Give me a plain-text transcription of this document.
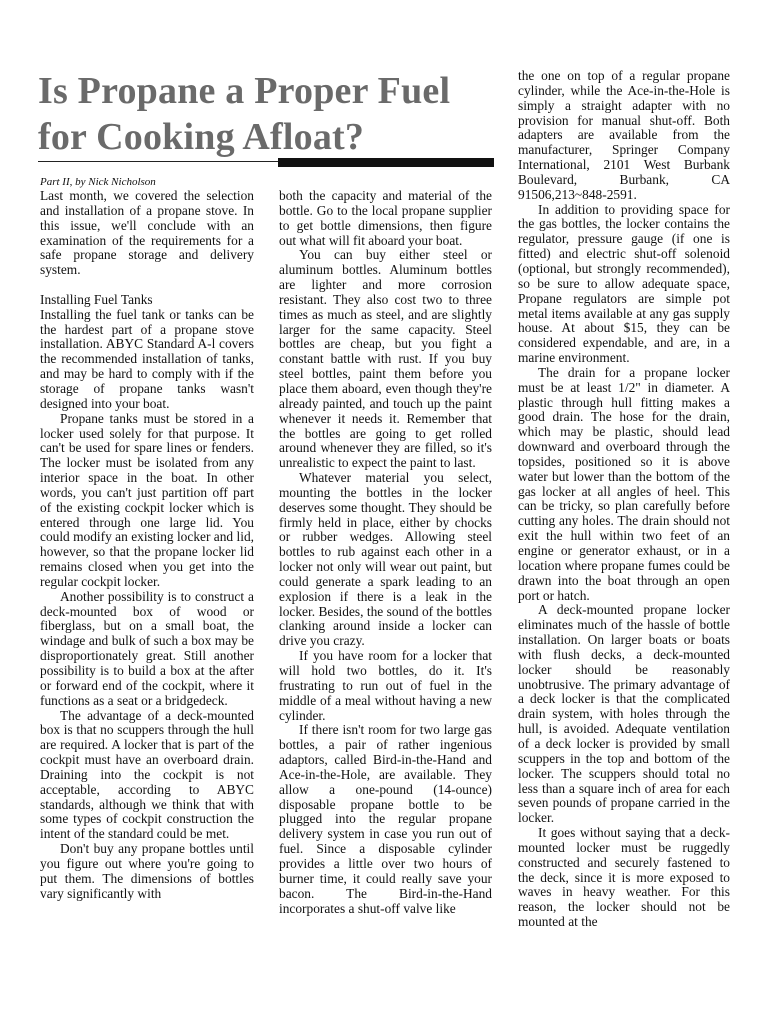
Is Propane a Proper Fuel
for Cooking Afloat?
Part II, by Nick Nicholson

Last month, we covered the selection and installation of a propane stove. In this issue, we'll conclude with an examination of the requirements for a safe propane storage and delivery system.

Installing Fuel Tanks

Installing the fuel tank or tanks can be the hardest part of a propane stove installation. ABYC Standard A-l covers the recommended installation of tanks, and may be hard to comply with if the storage of propane tanks wasn't designed into your boat.

Propane tanks must be stored in a locker used solely for that purpose. It can't be used for spare lines or fenders. The locker must be isolated from any interior space in the boat. In other words, you can't just partition off part of the existing cockpit locker which is entered through one large lid. You could modify an existing locker and lid, however, so that the propane locker lid remains closed when you get into the regular cockpit locker.

Another possibility is to construct a deck-mounted box of wood or fiberglass, but on a small boat, the windage and bulk of such a box may be disproportionately great. Still another possibility is to build a box at the after or forward end of the cockpit, where it functions as a seat or a bridgedeck.

The advantage of a deck-mounted box is that no scuppers through the hull are required. A locker that is part of the cockpit must have an overboard drain. Draining into the cockpit is not acceptable, according to ABYC standards, although we think that with some types of cockpit construction the intent of the standard could be met.

Don't buy any propane bottles until you figure out where you're going to put them. The dimensions of bottles vary significantly with

both the capacity and material of the bottle. Go to the local propane supplier to get bottle dimensions, then figure out what will fit aboard your boat.

You can buy either steel or aluminum bottles. Aluminum bottles are lighter and more corrosion resistant. They also cost two to three times as much as steel, and are slightly larger for the same capacity. Steel bottles are cheap, but you fight a constant battle with rust. If you buy steel bottles, paint them before you place them aboard, even though they're already painted, and touch up the paint whenever it needs it. Remember that the bottles are going to get rolled around whenever they are filled, so it's unrealistic to expect the paint to last.

Whatever material you select, mounting the bottles in the locker deserves some thought. They should be firmly held in place, either by chocks or rubber wedges. Allowing steel bottles to rub against each other in a locker not only will wear out paint, but could generate a spark leading to an explosion if there is a leak in the locker. Besides, the sound of the bottles clanking around inside a locker can drive you crazy.

If you have room for a locker that will hold two bottles, do it. It's frustrating to run out of fuel in the middle of a meal without having a new cylinder.

If there isn't room for two large gas bottles, a pair of rather ingenious adaptors, called Bird-in-the-Hand and Ace-in-the-Hole, are available. They allow a one-pound (14-ounce) disposable propane bottle to be plugged into the regular propane delivery system in case you run out of fuel. Since a disposable cylinder provides a little over two hours of burner time, it could really save your bacon. The Bird-in-the-Hand incorporates a shut-off valve like

the one on top of a regular propane cylinder, while the Ace-in-the-Hole is simply a straight adapter with no provision for manual shut-off. Both adapters are available from the manufacturer, Springer Company International, 2101 West Burbank Boulevard, Burbank, CA 91506,213~848-2591.

In addition to providing space for the gas bottles, the locker contains the regulator, pressure gauge (if one is fitted) and electric shut-off solenoid (optional, but strongly recommended), so be sure to allow adequate space, Propane regulators are simple pot metal items available at any gas supply house. At about $15, they can be considered expendable, and are, in a marine environment.

The drain for a propane locker must be at least 1/2" in diameter. A plastic through hull fitting makes a good drain. The hose for the drain, which may be plastic, should lead downward and overboard through the topsides, positioned so it is above water but lower than the bottom of the gas locker at all angles of heel. This can be tricky, so plan carefully before cutting any holes. The drain should not exit the hull within two feet of an engine or generator exhaust, or in a location where propane fumes could be drawn into the boat through an open port or hatch.

A deck-mounted propane locker eliminates much of the hassle of bottle installation. On larger boats or boats with flush decks, a deck-mounted locker should be reasonably unobtrusive. The primary advantage of a deck locker is that the complicated drain system, with holes through the hull, is avoided. Adequate ventilation of a deck locker is provided by small scuppers in the top and bottom of the locker. The scuppers should total no less than a square inch of area for each seven pounds of propane carried in the locker.

It goes without saying that a deck-mounted locker must be ruggedly constructed and securely fastened to the deck, since it is more exposed to waves in heavy weather. For this reason, the locker should not be mounted at the
